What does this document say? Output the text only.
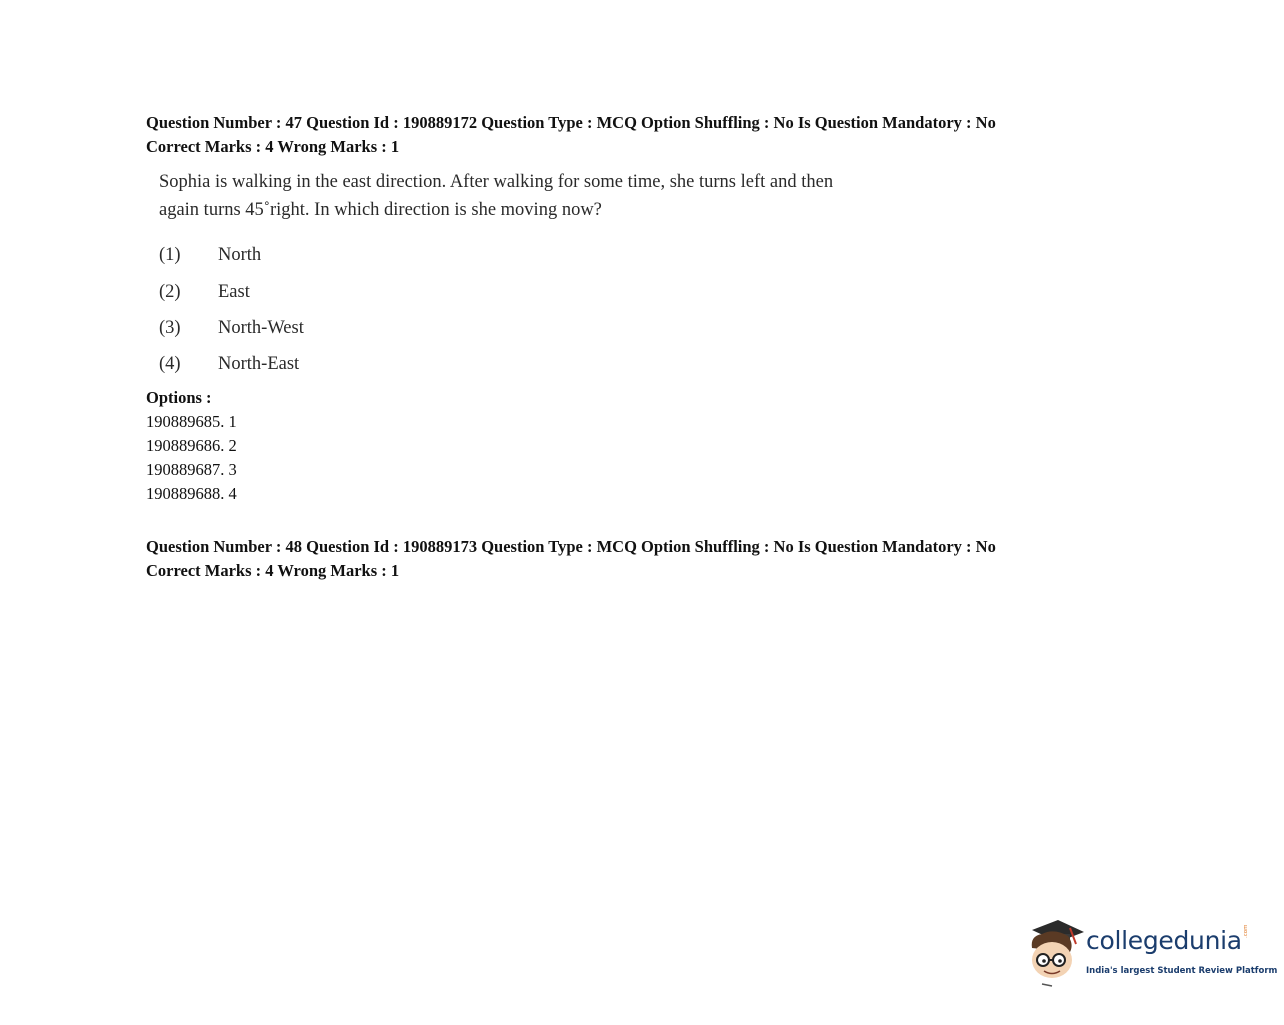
Question Number : 47 Question Id : 190889172 Question Type : MCQ Option Shuffling : No Is Question Mandatory : No
Correct Marks : 4 Wrong Marks : 1
Sophia is walking in the east direction. After walking for some time, she turns left and then
again turns 45˚right. In which direction is she moving now?
(1) North
(2) East
(3) North-West
(4) North-East
Options :
190889685. 1
190889686. 2
190889687. 3
190889688. 4
Question Number : 48 Question Id : 190889173 Question Type : MCQ Option Shuffling : No Is Question Mandatory : No
Correct Marks : 4 Wrong Marks : 1
collegedunia .com
India's largest Student Review Platform
